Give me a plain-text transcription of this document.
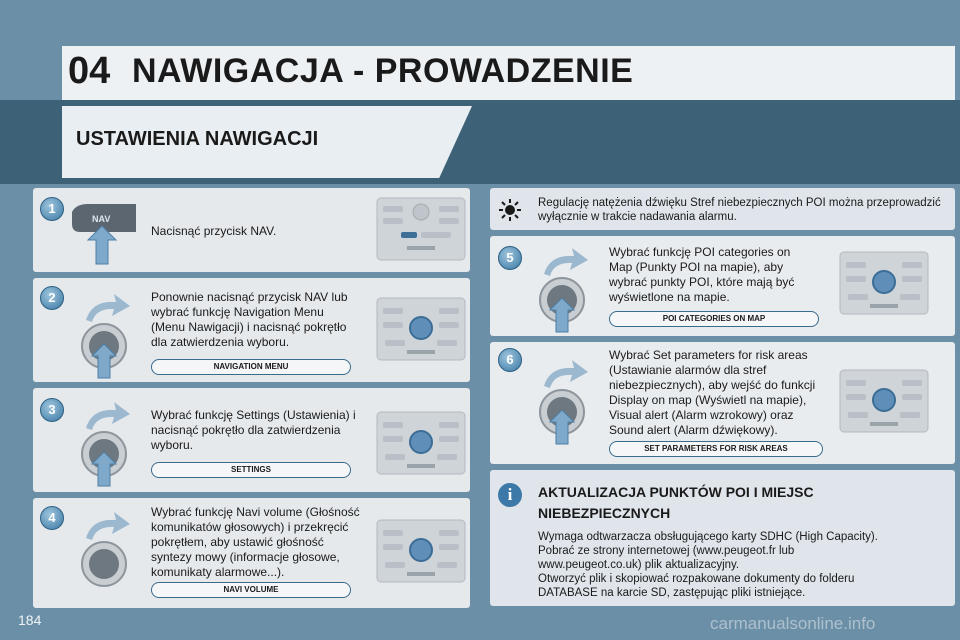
04 NAWIGACJA - PROWADZENIE
USTAWIENIA NAWIGACJI
1
NAV
Nacisnąć przycisk NAV.
2	Ponownie nacisnąć przycisk NAV lub wybrać funkcję Navigation Menu (Menu Nawigacji) i nacisnąć pokrętło dla zatwierdzenia wyboru.
NAVIGATION MENU
3	Wybrać funkcję Settings (Ustawienia) i nacisnąć pokrętło dla zatwierdzenia wyboru.
SETTINGS
4	Wybrać funkcję Navi volume (Głośność komunikatów głosowych) i przekręcić pokrętłem, aby ustawić głośność syntezy mowy (informacje głosowe, komunikaty alarmowe...).
NAVI VOLUME
Regulację natężenia dźwięku Stref niebezpiecznych POI można przeprowadzić wyłącznie w trakcie nadawania alarmu.
5	Wybrać funkcję POI categories on Map (Punkty POI na mapie), aby wybrać punkty POI, które mają być wyświetlone na mapie.
POI CATEGORIES ON MAP
6	Wybrać Set parameters for risk areas (Ustawianie alarmów dla stref niebezpiecznych), aby wejść do funkcji Display on map (Wyświetl na mapie), Visual alert (Alarm wzrokowy) oraz Sound alert (Alarm dźwiękowy).
SET PARAMETERS FOR RISK AREAS
i	AKTUALIZACJA PUNKTÓW POI I MIEJSC NIEBEZPIECZNYCH
Wymaga odtwarzacza obsługującego karty SDHC (High Capacity).
Pobrać ze strony internetowej (www.peugeot.fr lub
www.peugeot.co.uk) plik aktualizacyjny.
Otworzyć plik i skopiować rozpakowane dokumenty do folderu
DATABASE na karcie SD, zastępując pliki istniejące.
184	carmanualsonline.info
